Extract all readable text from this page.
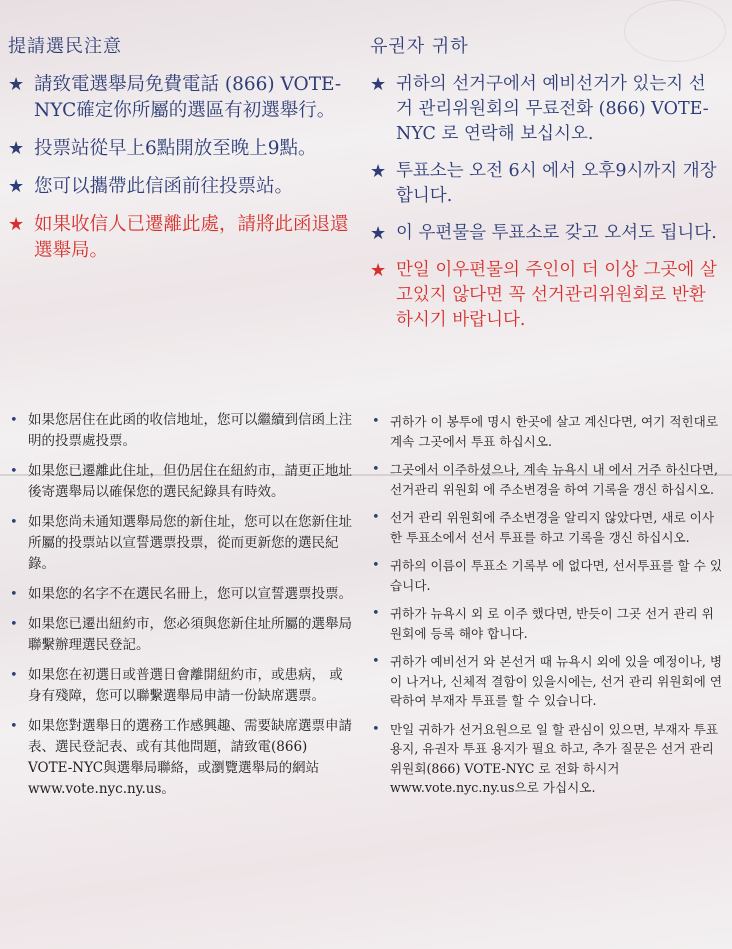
提請選民注意
★ 請致電選舉局免費電話 (866) VOTE-NYC確定你所屬的選區有初選舉行。
★ 投票站從早上6點開放至晚上9點。
★ 您可以攜帶此信函前往投票站。
★ 如果收信人已遷離此處，請將此函退還選舉局。
유권자 귀하
★ 귀하의 선거구에서 예비선거가 있는지 선거 관리위원회의 무료전화 (866) VOTE-NYC 로 연락해 보십시오.
★ 투표소는 오전 6시 에서 오후9시까지 개장합니다.
★ 이 우편물을 투표소로 갖고 오셔도 됩니다.
★ 만일 이우편물의 주인이 더 이상 그곳에 살고있지 않다면 꼭 선거관리위원회로 반환 하시기 바랍니다.
• 如果您居住在此函的收信地址，您可以繼續到信函上注明的投票處投票。
• 如果您已遷離此住址，但仍居住在紐約市，請更正地址後寄選舉局以確保您的選民紀錄具有時效。
• 如果您尚未通知選舉局您的新住址，您可以在您新住址所屬的投票站以宣誓選票投票，從而更新您的選民紀錄。
• 如果您的名字不在選民名冊上，您可以宣誓選票投票。
• 如果您已遷出紐約市，您必須與您新住址所屬的選舉局聯繫辦理選民登記。
• 如果您在初選日或普選日會離開紐約市，或患病， 或身有殘障，您可以聯繫選舉局申請一份缺席選票。
• 如果您對選舉日的選務工作感興趣、需要缺席選票申請表、選民登記表、或有其他問題，請致電(866) VOTE-NYC與選舉局聯絡，或瀏覽選舉局的網站www.vote.nyc.ny.us。
• 귀하가 이 봉투에 명시 한곳에 살고 계신다면, 여기 적힌대로 계속 그곳에서 투표 하십시오.
• 그곳에서 이주하셨으나, 계속 뉴욕시 내 에서 거주 하신다면, 선거관리 위원회 에 주소변경을 하여 기록을 갱신 하십시오.
• 선거 관리 위원회에 주소변경을 알리지 않았다면, 새로 이사한 투표소에서 선서 투표를 하고 기록을 갱신 하십시오.
• 귀하의 이름이 투표소 기록부 에 없다면, 선서투표를 할 수 있습니다.
• 귀하가 뉴욕시 외 로 이주 했다면, 반듯이 그곳 선거 관리 위원회에 등록 해야 합니다.
• 귀하가 예비선거 와 본선거 때 뉴욕시 외에 있을 예정이나, 병이 나거나, 신체적 결함이 있을시에는, 선거 관리 위원회에 연락하여 부재자 투표를 할 수 있습니다.
• 만일 귀하가 선거요원으로 일 할 관심이 있으면, 부재자 투표용지, 유권자 투표 용지가 필요 하고, 추가 질문은 선거 관리 위원회(866) VOTE-NYC 로 전화 하시거 www.vote.nyc.ny.us으로 가십시오.
